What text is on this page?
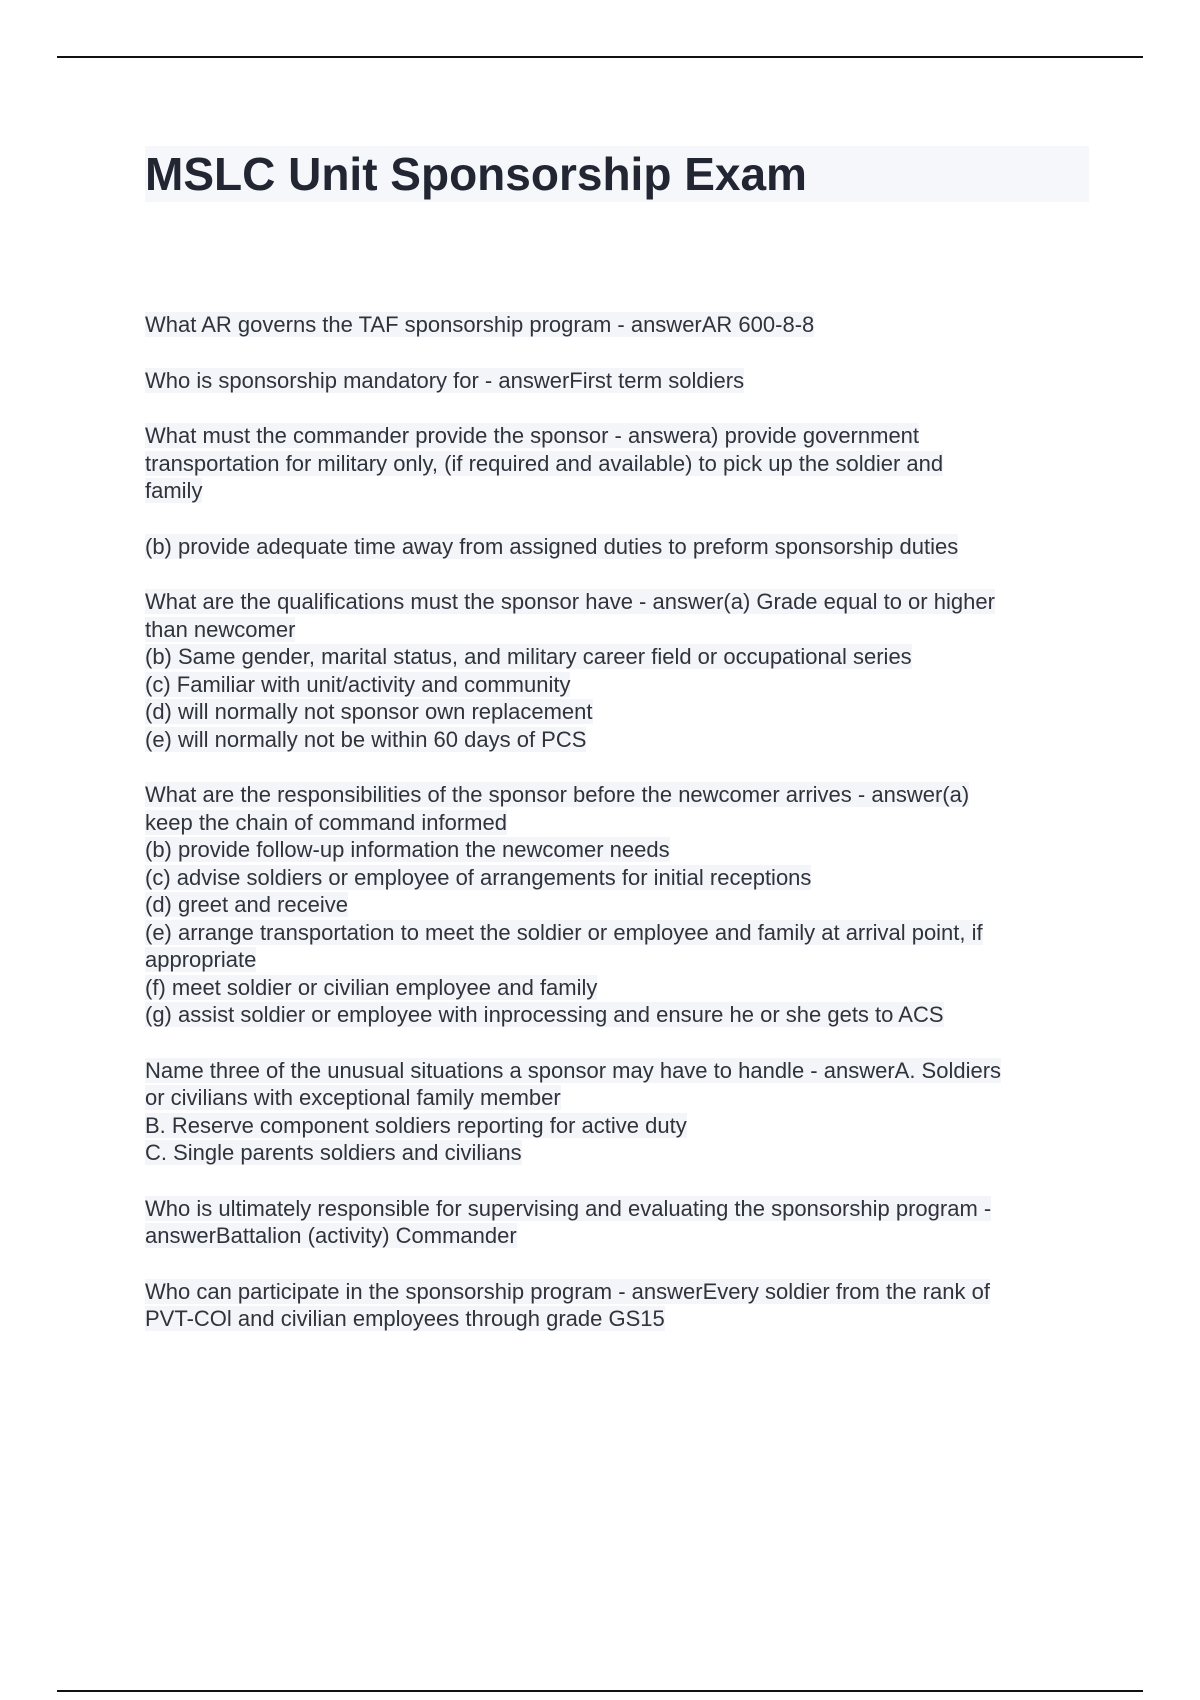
MSLC Unit Sponsorship Exam

What AR governs the TAF sponsorship program - answerAR 600-8-8

Who is sponsorship mandatory for - answerFirst term soldiers

What must the commander provide the sponsor - answera) provide government
transportation for military only, (if required and available) to pick up the soldier and
family

(b) provide adequate time away from assigned duties to preform sponsorship duties

What are the qualifications must the sponsor have - answer(a) Grade equal to or higher
than newcomer
(b) Same gender, marital status, and military career field or occupational series
(c) Familiar with unit/activity and community
(d) will normally not sponsor own replacement
(e) will normally not be within 60 days of PCS

What are the responsibilities of the sponsor before the newcomer arrives - answer(a)
keep the chain of command informed
(b) provide follow-up information the newcomer needs
(c) advise soldiers or employee of arrangements for initial receptions
(d) greet and receive
(e) arrange transportation to meet the soldier or employee and family at arrival point, if
appropriate
(f) meet soldier or civilian employee and family
(g) assist soldier or employee with inprocessing and ensure he or she gets to ACS

Name three of the unusual situations a sponsor may have to handle - answerA. Soldiers
or civilians with exceptional family member
B. Reserve component soldiers reporting for active duty
C. Single parents soldiers and civilians

Who is ultimately responsible for supervising and evaluating the sponsorship program -
answerBattalion (activity) Commander

Who can participate in the sponsorship program - answerEvery soldier from the rank of
PVT-COl and civilian employees through grade GS15
